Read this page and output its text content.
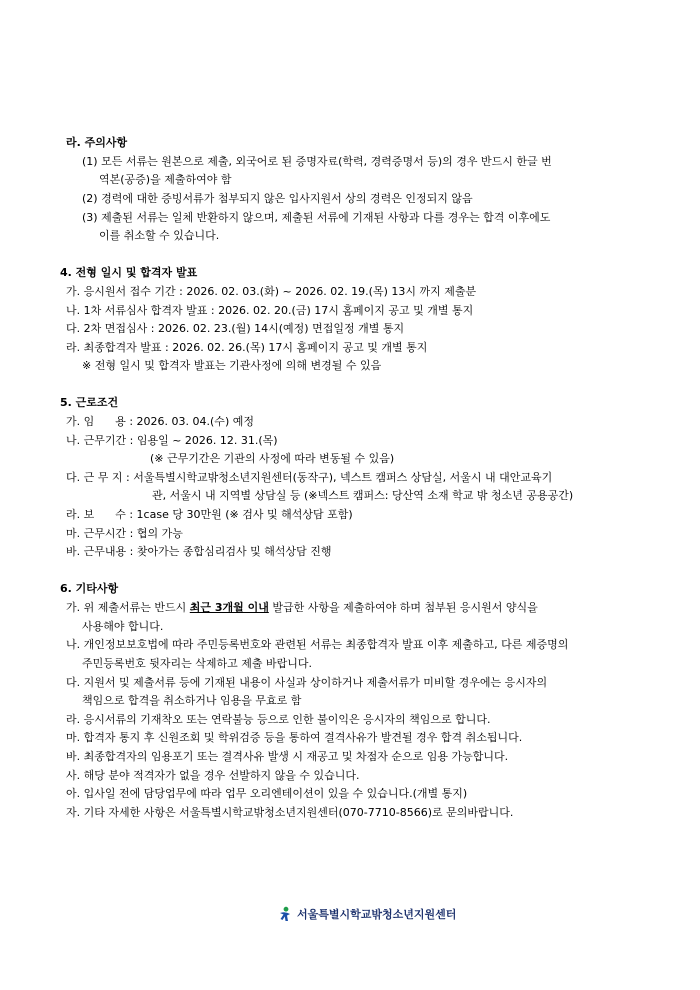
라. 주의사항
(1) 모든 서류는 원본으로 제출, 외국어로 된 증명자료(학력, 경력증명서 등)의 경우 반드시 한글 번
역본(공증)을 제출하여야 함
(2) 경력에 대한 증빙서류가 첨부되지 않은 입사지원서 상의 경력은 인정되지 않음
(3) 제출된 서류는 일체 반환하지 않으며, 제출된 서류에 기재된 사항과 다를 경우는 합격 이후에도
이를 취소할 수 있습니다.
4. 전형 일시 및 합격자 발표
가. 응시원서 접수 기간 : 2026. 02. 03.(화) ~ 2026. 02. 19.(목) 13시 까지 제출분
나. 1차 서류심사 합격자 발표 : 2026. 02. 20.(금) 17시 홈페이지 공고 및 개별 통지
다. 2차 면접심사 : 2026. 02. 23.(월) 14시(예정) 면접일정 개별 통지
라. 최종합격자 발표 : 2026. 02. 26.(목) 17시 홈페이지 공고 및 개별 통지
※ 전형 일시 및 합격자 발표는 기관사정에 의해 변경될 수 있음
5. 근로조건
가. 임      용 : 2026. 03. 04.(수) 예정
나. 근무기간 : 임용일 ~ 2026. 12. 31.(목)
(※ 근무기간은 기관의 사정에 따라 변동될 수 있음)
다. 근 무 지 : 서울특별시학교밖청소년지원센터(동작구), 넥스트 캠퍼스 상담실, 서울시 내 대안교육기
관, 서울시 내 지역별 상담실 등 (※넥스트 캠퍼스: 당산역 소재 학교 밖 청소년 공용공간)
라. 보      수 : 1case 당 30만원 (※ 검사 및 해석상담 포함)
마. 근무시간 : 협의 가능
바. 근무내용 : 찾아가는 종합심리검사 및 해석상담 진행
6. 기타사항
가. 위 제출서류는 반드시 최근 3개월 이내 발급한 사항을 제출하여야 하며 첨부된 응시원서 양식을
사용해야 합니다.
나. 개인정보보호법에 따라 주민등록번호와 관련된 서류는 최종합격자 발표 이후 제출하고, 다른 제증명의
주민등록번호 뒷자리는 삭제하고 제출 바랍니다.
다. 지원서 및 제출서류 등에 기재된 내용이 사실과 상이하거나 제출서류가 미비할 경우에는 응시자의
책임으로 합격을 취소하거나 임용을 무효로 함
라. 응시서류의 기재착오 또는 연락불능 등으로 인한 불이익은 응시자의 책임으로 합니다.
마. 합격자 통지 후 신원조회 및 학위검증 등을 통하여 결격사유가 발견될 경우 합격 취소됩니다.
바. 최종합격자의 임용포기 또는 결격사유 발생 시 재공고 및 차점자 순으로 임용 가능합니다.
사. 해당 분야 적격자가 없을 경우 선발하지 않을 수 있습니다.
아. 입사일 전에 담당업무에 따라 업무 오리엔테이션이 있을 수 있습니다.(개별 통지)
자. 기타 자세한 사항은 서울특별시학교밖청소년지원센터(070-7710-8566)로 문의바랍니다.
서울특별시학교밖청소년지원센터
